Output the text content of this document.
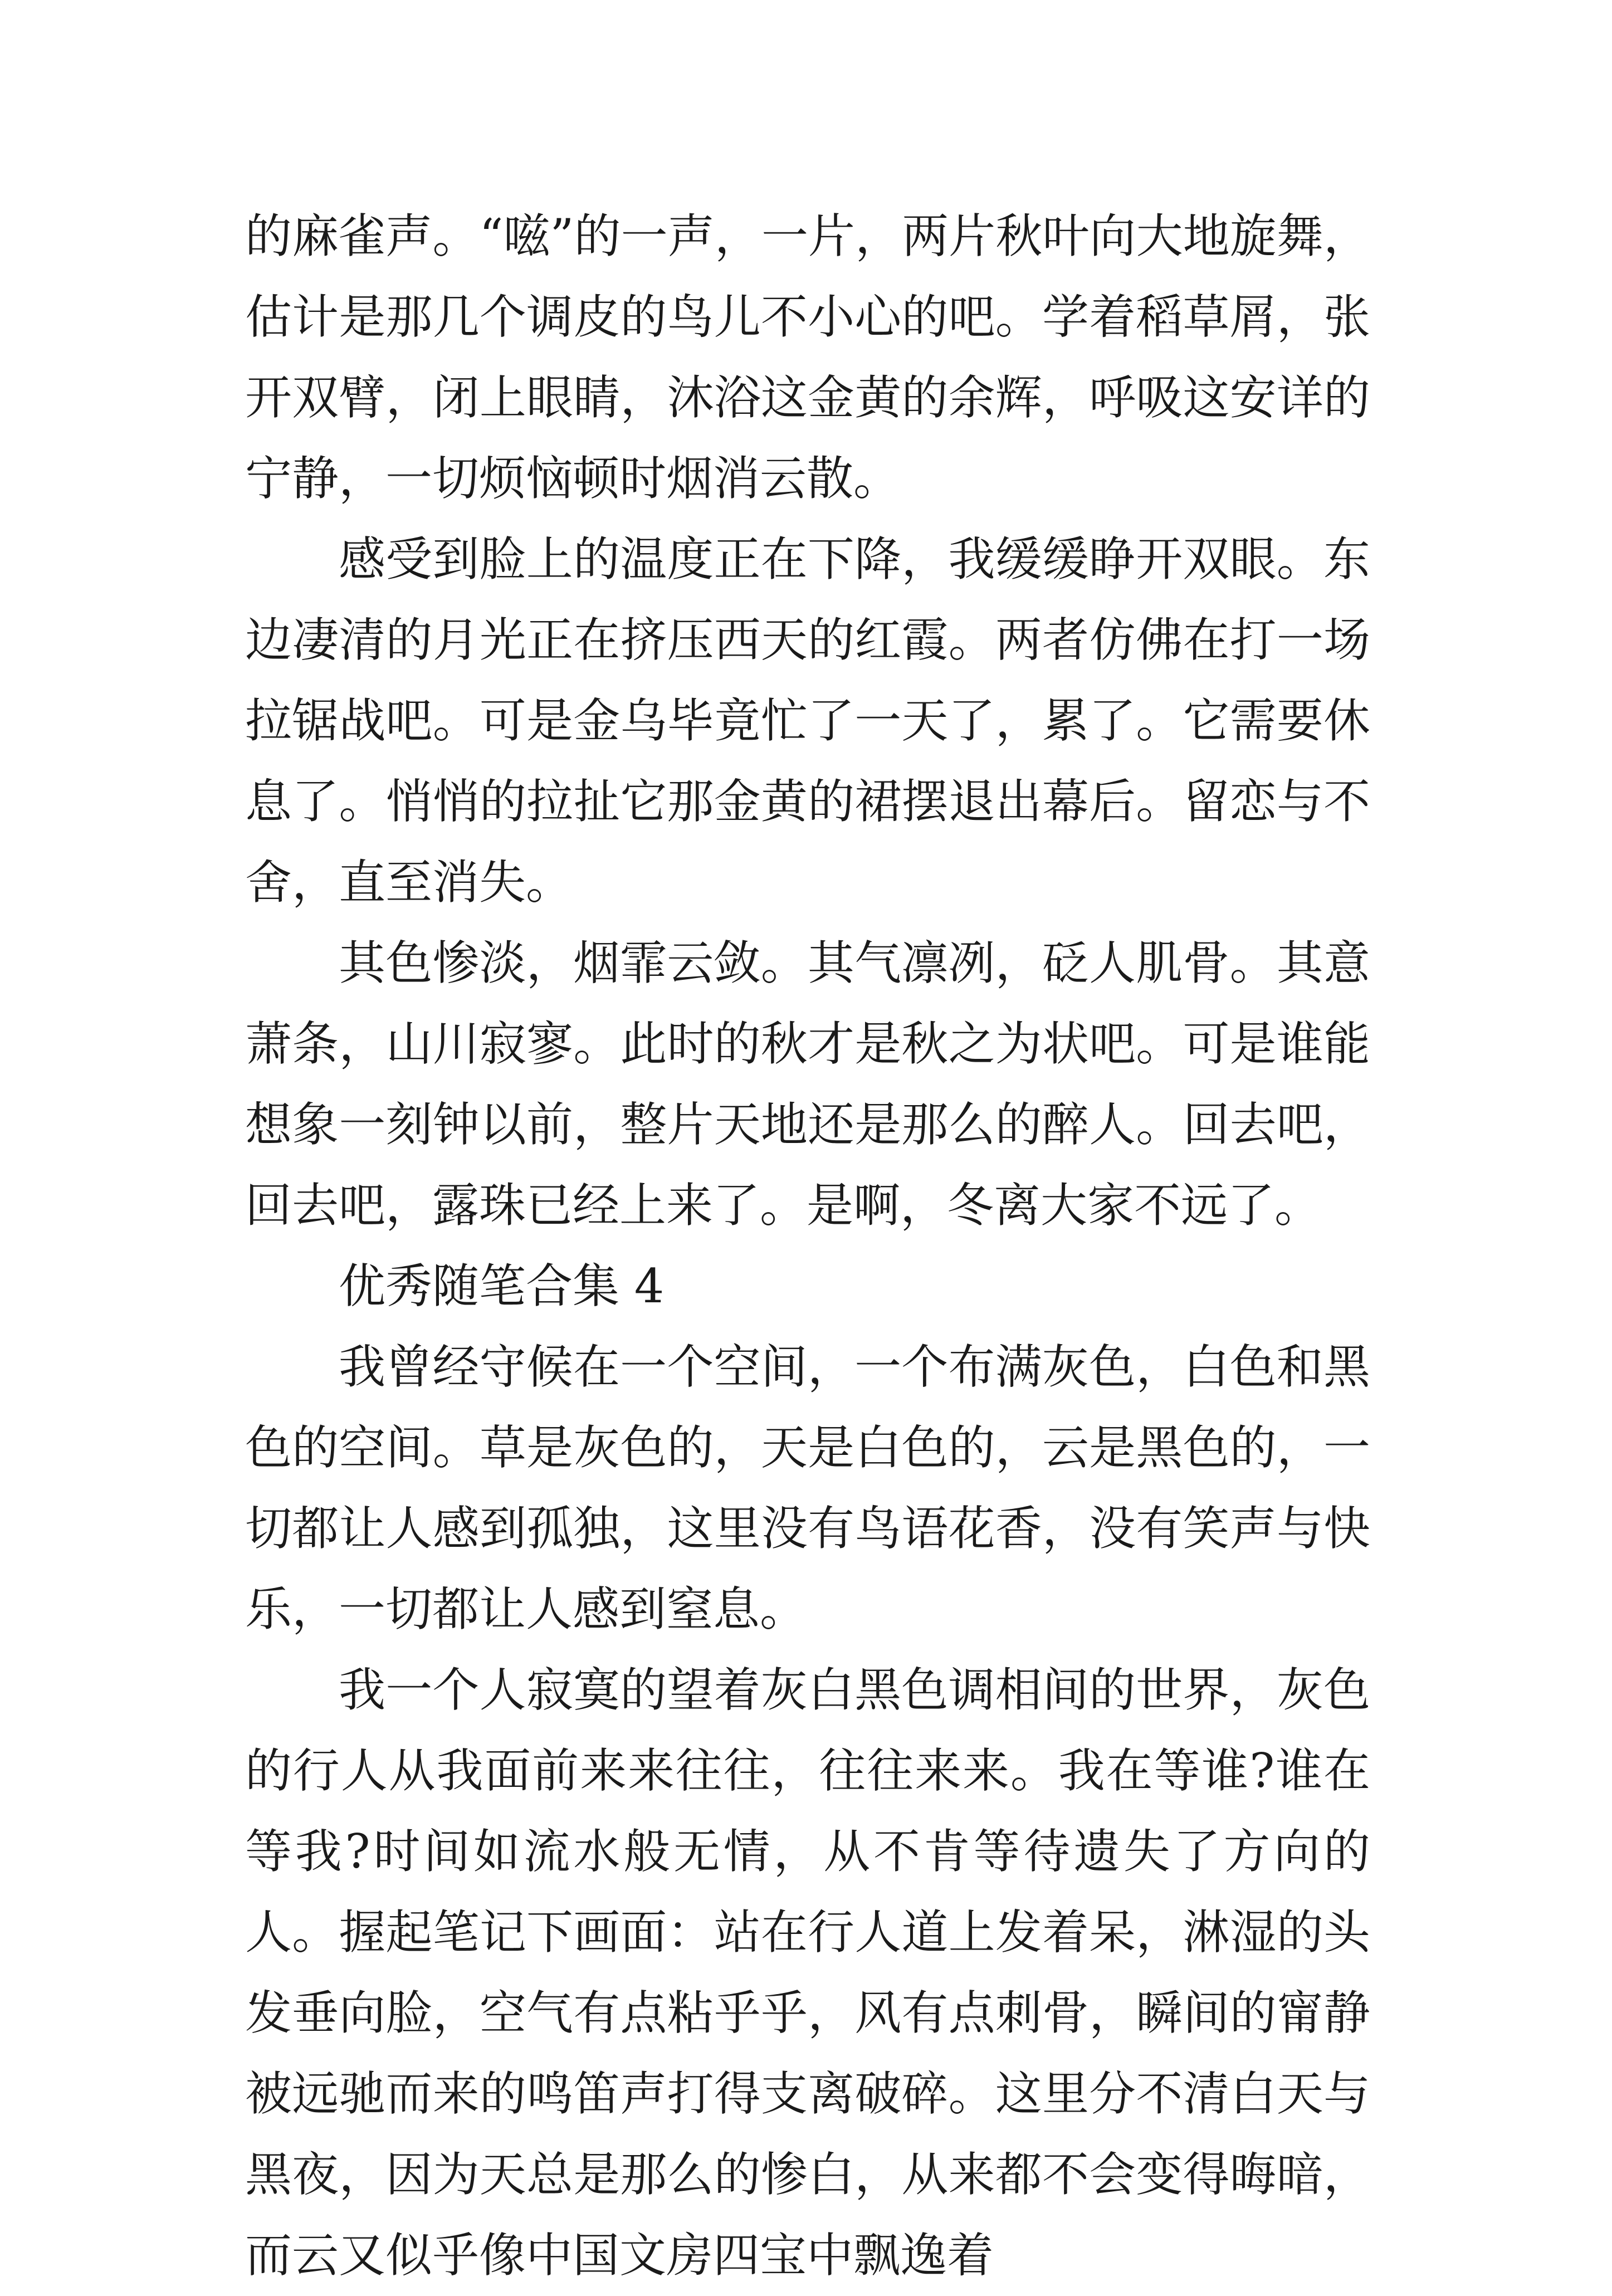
的麻雀声。“嗞”的一声，一片，两片秋叶向大地旋舞，估计是那几个调皮的鸟儿不小心的吧。学着稻草屑，张开双臂，闭上眼睛，沐浴这金黄的余辉，呼吸这安详的宁静，一切烦恼顿时烟消云散。

感受到脸上的温度正在下降，我缓缓睁开双眼。东边凄清的月光正在挤压西天的红霞。两者仿佛在打一场拉锯战吧。可是金乌毕竟忙了一天了，累了。它需要休息了。悄悄的拉扯它那金黄的裙摆退出幕后。留恋与不舍，直至消失。

其色惨淡，烟霏云敛。其气凛冽，砭人肌骨。其意萧条，山川寂寥。此时的秋才是秋之为状吧。可是谁能想象一刻钟以前，整片天地还是那么的醉人。回去吧，回去吧，露珠已经上来了。是啊，冬离大家不远了。

优秀随笔合集 4

我曾经守候在一个空间，一个布满灰色，白色和黑色的空间。草是灰色的，天是白色的，云是黑色的，一切都让人感到孤独，这里没有鸟语花香，没有笑声与快乐，一切都让人感到窒息。

我一个人寂寞的望着灰白黑色调相间的世界，灰色的行人从我面前来来往往，往往来来。我在等谁?谁在等我?时间如流水般无情，从不肯等待遗失了方向的人。握起笔记下画面：站在行人道上发着呆，淋湿的头发垂向脸，空气有点粘乎乎，风有点刺骨，瞬间的甯静被远驰而来的鸣笛声打得支离破碎。这里分不清白天与黑夜，因为天总是那么的惨白，从来都不会变得晦暗，而云又似乎像中国文房四宝中飘逸着
